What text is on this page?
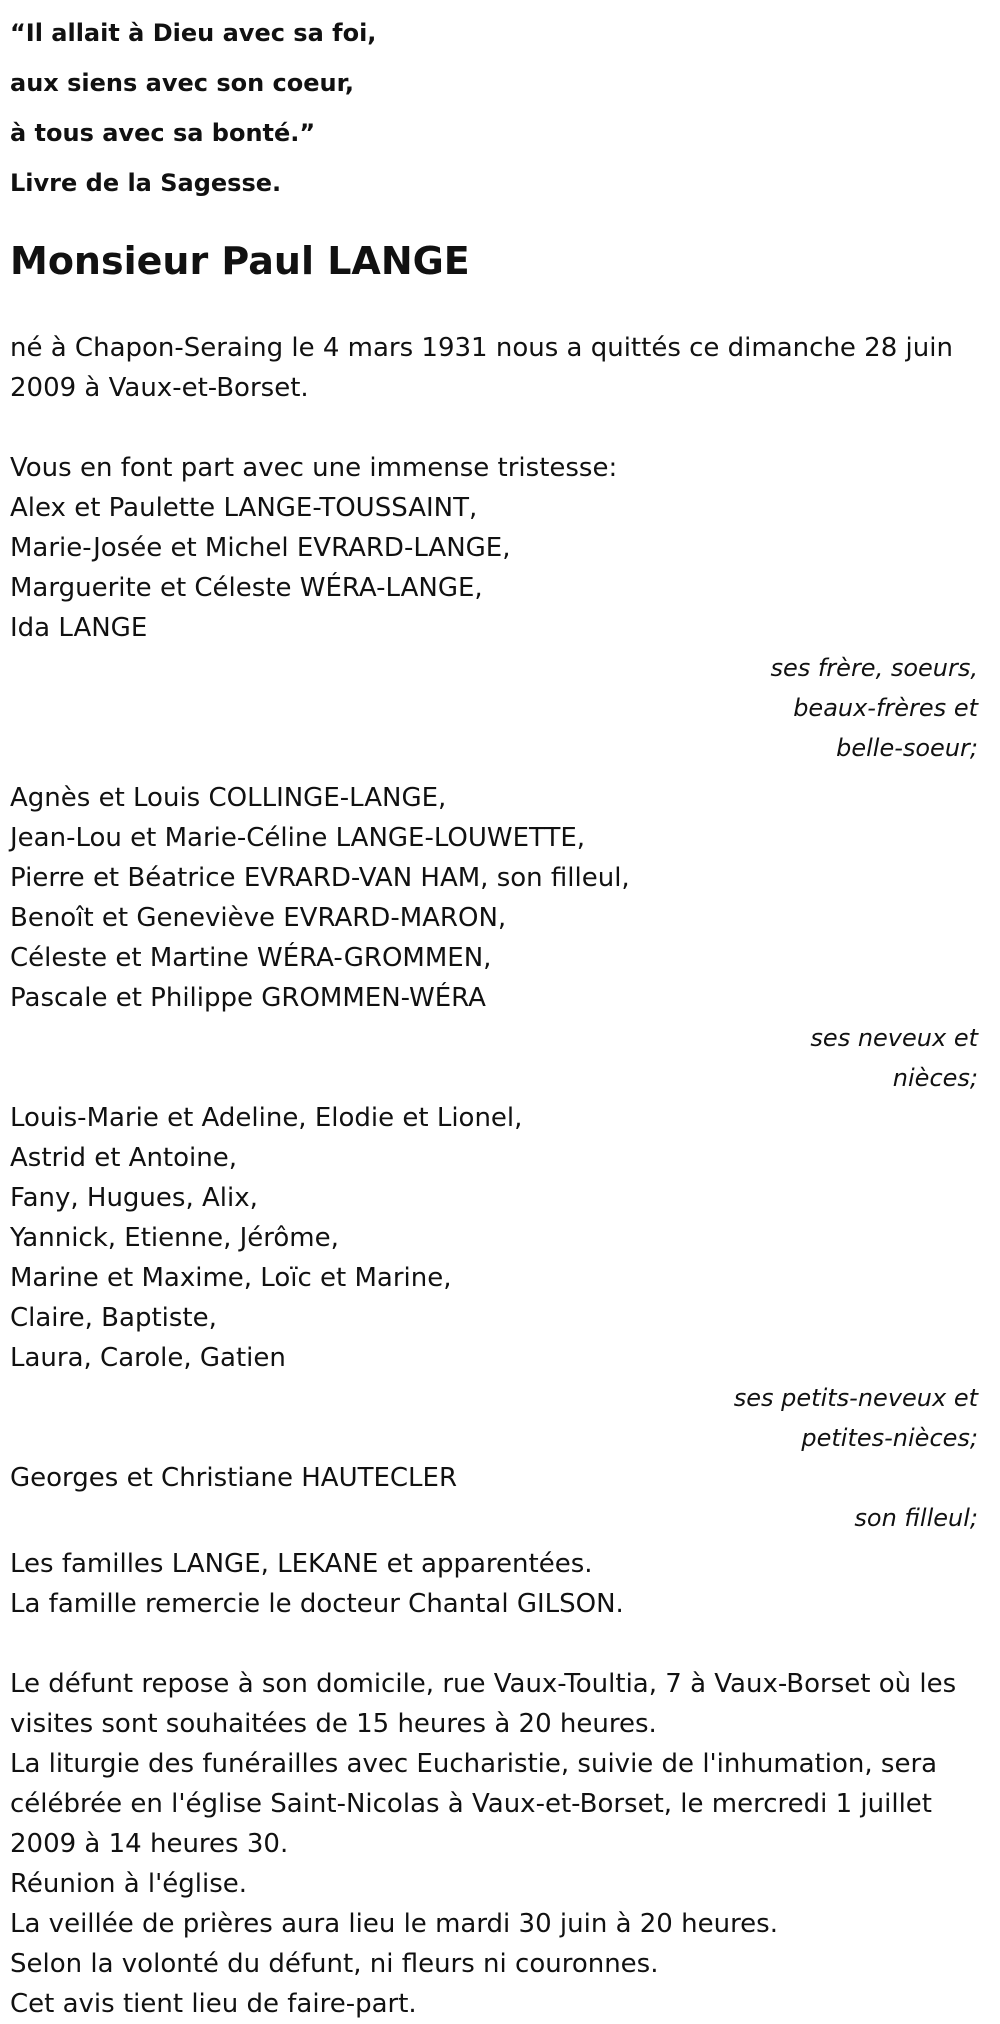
“Il allait à Dieu avec sa foi,
aux siens avec son coeur,
à tous avec sa bonté.”
Livre de la Sagesse.
Monsieur Paul LANGE
né à Chapon-Seraing le 4 mars 1931 nous a quittés ce dimanche 28 juin 2009 à Vaux-et-Borset.
Vous en font part avec une immense tristesse:
Alex et Paulette LANGE-TOUSSAINT,
Marie-Josée et Michel EVRARD-LANGE,
Marguerite et Céleste WÉRA-LANGE,
Ida LANGE
ses frère, soeurs,
beaux-frères et
belle-soeur;
Agnès et Louis COLLINGE-LANGE,
Jean-Lou et Marie-Céline LANGE-LOUWETTE,
Pierre et Béatrice EVRARD-VAN HAM, son filleul,
Benoît et Geneviève EVRARD-MARON,
Céleste et Martine WÉRA-GROMMEN,
Pascale et Philippe GROMMEN-WÉRA
ses neveux et
nièces;
Louis-Marie et Adeline, Elodie et Lionel,
Astrid et Antoine,
Fany, Hugues, Alix,
Yannick, Etienne, Jérôme,
Marine et Maxime, Loïc et Marine,
Claire, Baptiste,
Laura, Carole, Gatien
ses petits-neveux et
petites-nièces;
Georges et Christiane HAUTECLER
son filleul;
Les familles LANGE, LEKANE et apparentées.
La famille remercie le docteur Chantal GILSON.
Le défunt repose à son domicile, rue Vaux-Toultia, 7 à Vaux-Borset où les visites sont souhaitées de 15 heures à 20 heures.
La liturgie des funérailles avec Eucharistie, suivie de l'inhumation, sera célébrée en l'église Saint-Nicolas à Vaux-et-Borset, le mercredi 1 juillet 2009 à 14 heures 30.
Réunion à l'église.
La veillée de prières aura lieu le mardi 30 juin à 20 heures.
Selon la volonté du défunt, ni fleurs ni couronnes.
Cet avis tient lieu de faire-part.
